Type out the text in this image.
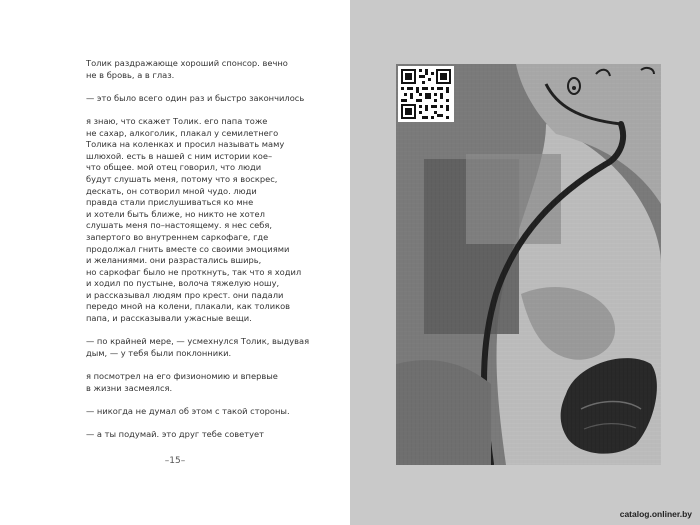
Толик раздражающе хороший спонсор. вечно
не в бровь, а в глаз.

— это было всего один раз и быстро закончилось

я знаю, что скажет Толик. его папа тоже
не сахар, алкоголик, плакал у семилетнего
Толика на коленках и просил называть маму
шлюхой. есть в нашей с ним истории кое–
что общее. мой отец говорил, что люди
будут слушать меня, потому что я воскрес,
дескать, он сотворил мной чудо. люди
правда стали прислушиваться ко мне
и хотели быть ближе, но никто не хотел
слушать меня по–настоящему. я нес себя,
запертого во внутреннем саркофаге, где
продолжал гнить вместе со своими эмоциями
и желаниями. они разрастались вширь,
но саркофаг было не проткнуть, так что я ходил
и ходил по пустыне, волоча тяжелую ношу,
и рассказывал людям про крест. они падали
передо мной на колени, плакали, как толиков
папа, и рассказывали ужасные вещи.

— по крайней мере, — усмехнулся Толик, выдувая
дым, — у тебя были поклонники.

я посмотрел на его физиономию и впервые
в жизни засмеялся.

— никогда не думал об этом с такой стороны.

— а ты подумай. это друг тебе советует

–15–
catalog.onliner.by
